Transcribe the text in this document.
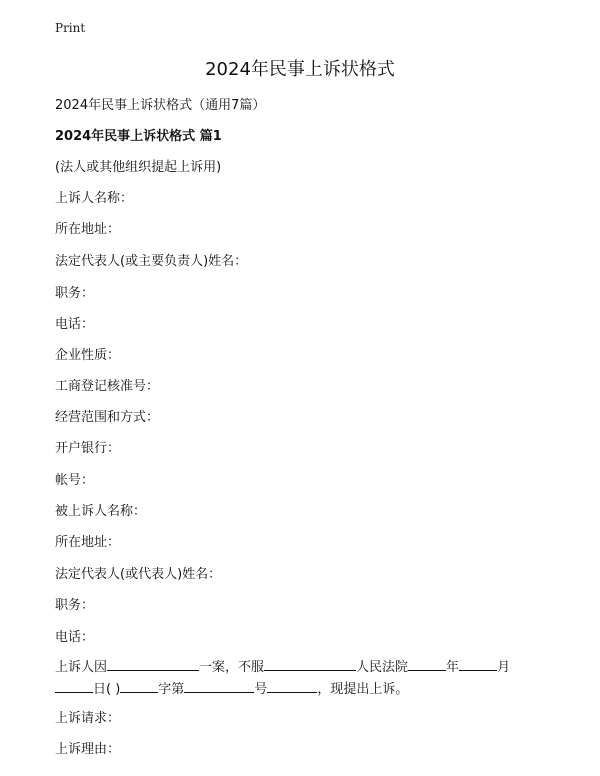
Print
2024年民事上诉状格式
2024年民事上诉状格式（通用7篇）
2024年民事上诉状格式 篇1
(法人或其他组织提起上诉用)
上诉人名称：
所在地址：
法定代表人(或主要负责人)姓名：
职务：
电话：
企业性质：
工商登记核准号：
经营范围和方式：
开户银行：
帐号：
被上诉人名称：
所在地址：
法定代表人(或代表人)姓名：
职务：
电话：
上诉人因	一案，不服	人民法院	年	月
日( )	字第	号	，现提出上诉。
上诉请求：
上诉理由：
